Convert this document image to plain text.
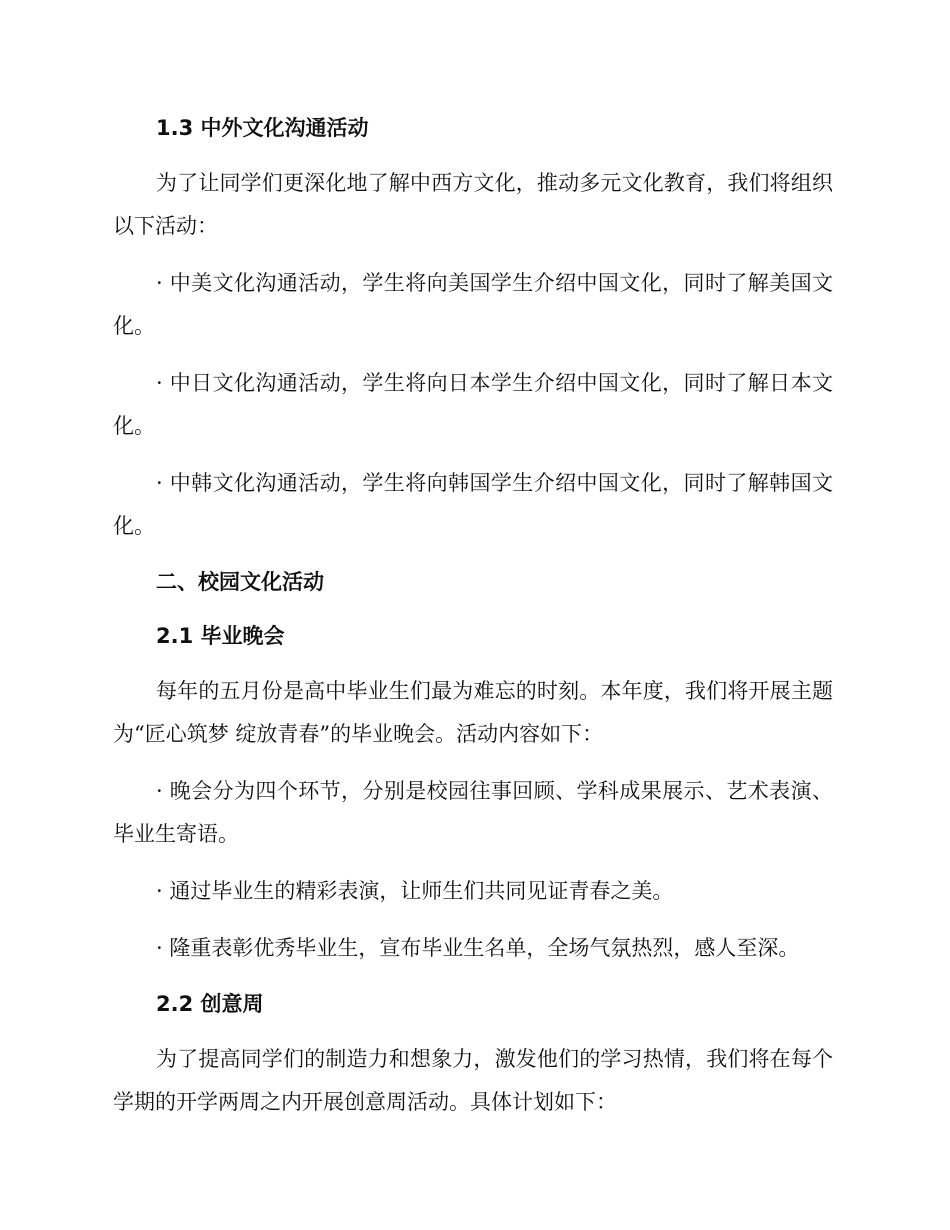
1.3 中外文化沟通活动

为了让同学们更深化地了解中西方文化，推动多元文化教育，我们将组织以下活动：

· 中美文化沟通活动，学生将向美国学生介绍中国文化，同时了解美国文化。

· 中日文化沟通活动，学生将向日本学生介绍中国文化，同时了解日本文化。

· 中韩文化沟通活动，学生将向韩国学生介绍中国文化，同时了解韩国文化。

二、校园文化活动
2.1 毕业晚会

每年的五月份是高中毕业生们最为难忘的时刻。本年度，我们将开展主题为“匠心筑梦 绽放青春”的毕业晚会。活动内容如下：

· 晚会分为四个环节，分别是校园往事回顾、学科成果展示、艺术表演、毕业生寄语。

· 通过毕业生的精彩表演，让师生们共同见证青春之美。

· 隆重表彰优秀毕业生，宣布毕业生名单，全场气氛热烈，感人至深。

2.2 创意周

为了提高同学们的制造力和想象力，激发他们的学习热情，我们将在每个学期的开学两周之内开展创意周活动。具体计划如下：
